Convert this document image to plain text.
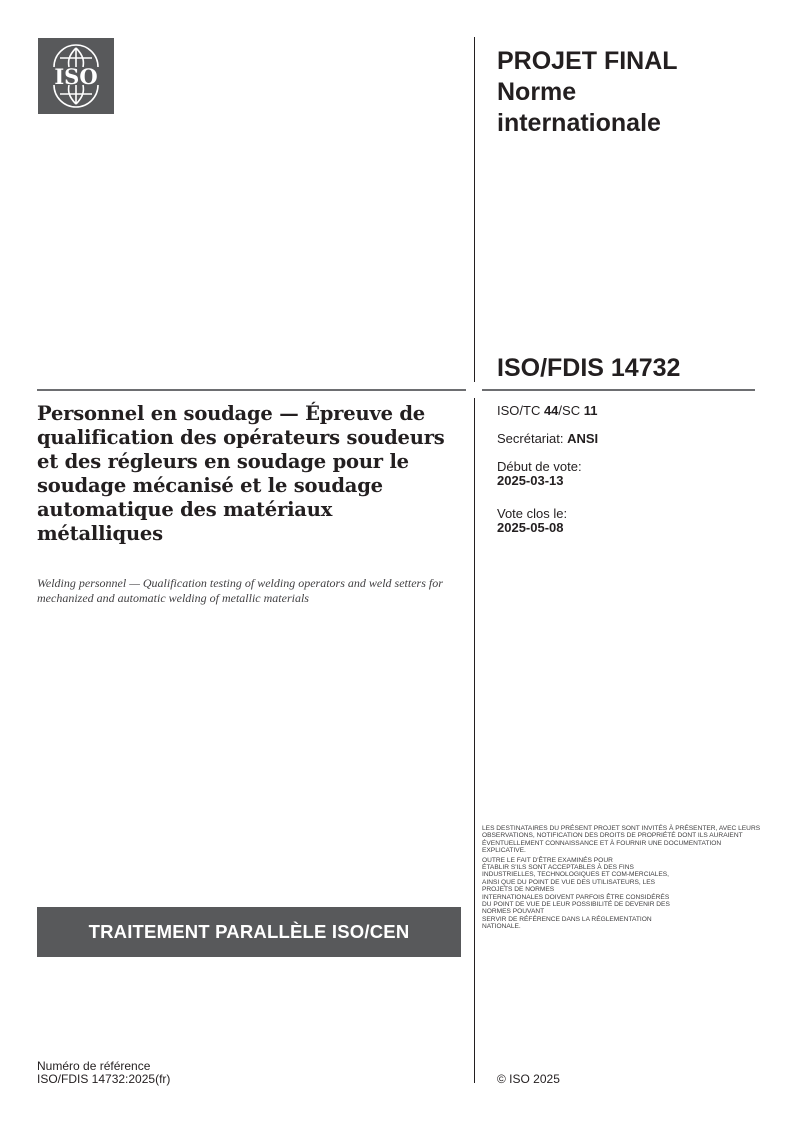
ISO
PROJET FINAL
Norme
internationale
ISO/FDIS 14732
ISO/TC 44/SC 11
Secrétariat: ANSI
Début de vote:
2025-03-13
Vote clos le:
2025-05-08
Personnel en soudage — Épreuve de qualification des opérateurs soudeurs et des régleurs en soudage pour le soudage mécanisé et le soudage automatique des matériaux métalliques
Welding personnel — Qualification testing of welding operators and weld setters for mechanized and automatic welding of metallic materials
TRAITEMENT PARALLÈLE ISO/CEN

LES DESTINATAIRES DU PRÉSENT PROJET SONT INVITÉS À PRÉSENTER, AVEC LEURS OBSERVATIONS, NOTIFICATION DES DROITS DE PROPRIÉTÉ DONT ILS AURAIENT ÉVENTUELLEMENT CONNAISSANCE ET À FOURNIR UNE DOCUMENTATION EXPLICATIVE.

OUTRE LE FAIT D'ÊTRE EXAMINÉS POUR
ÉTABLIR S'ILS SONT ACCEPTABLES À DES FINS
INDUSTRIELLES, TECHNOLOGIQUES ET COM-MERCIALES,
AINSI QUE DU POINT DE VUE DES UTILISATEURS, LES
PROJETS DE NORMES
INTERNATIONALES DOIVENT PARFOIS ÊTRE CONSIDÉRÉS
DU POINT DE VUE DE LEUR POSSIBILITÉ DE DEVENIR DES
NORMES POUVANT
SERVIR DE RÉFÉRENCE DANS LA RÉGLEMENTATION
NATIONALE.

Numéro de référence
ISO/FDIS 14732:2025(fr)	© ISO 2025
